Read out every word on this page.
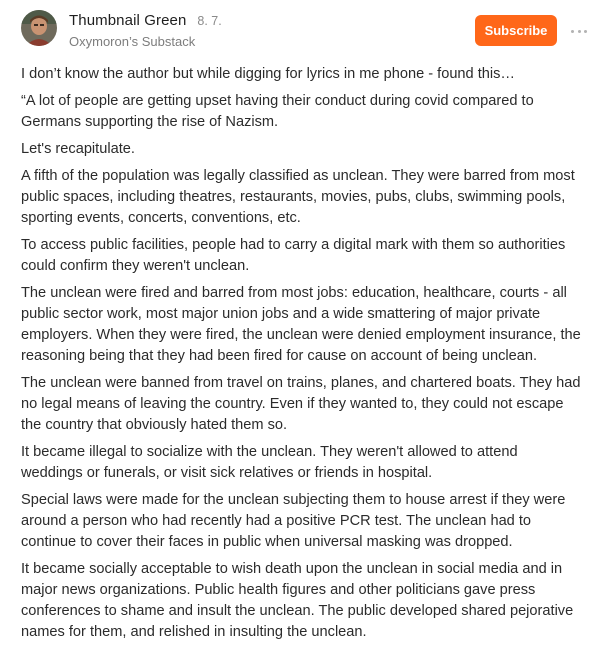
Thumbnail Green 8. 7.
Oxymoron’s Substack
Subscribe

I don’t know the author but while digging for lyrics in me phone - found this…

“A lot of people are getting upset having their conduct during covid compared to Germans supporting the rise of Nazism.

Let's recapitulate.

A fifth of the population was legally classified as unclean. They were barred from most public spaces, including theatres, restaurants, movies, pubs, clubs, swimming pools, sporting events, concerts, conventions, etc.

To access public facilities, people had to carry a digital mark with them so authorities could confirm they weren't unclean.

The unclean were fired and barred from most jobs: education, healthcare, courts - all public sector work, most major union jobs and a wide smattering of major private employers. When they were fired, the unclean were denied employment insurance, the reasoning being that they had been fired for cause on account of being unclean.

The unclean were banned from travel on trains, planes, and chartered boats. They had no legal means of leaving the country. Even if they wanted to, they could not escape the country that obviously hated them so.

It became illegal to socialize with the unclean. They weren't allowed to attend weddings or funerals, or visit sick relatives or friends in hospital.

Special laws were made for the unclean subjecting them to house arrest if they were around a person who had recently had a positive PCR test. The unclean had to continue to cover their faces in public when universal masking was dropped.

It became socially acceptable to wish death upon the unclean in social media and in major news organizations. Public health figures and other politicians gave press conferences to shame and insult the unclean. The public developed shared pejorative names for them, and relished in insulting the unclean.
